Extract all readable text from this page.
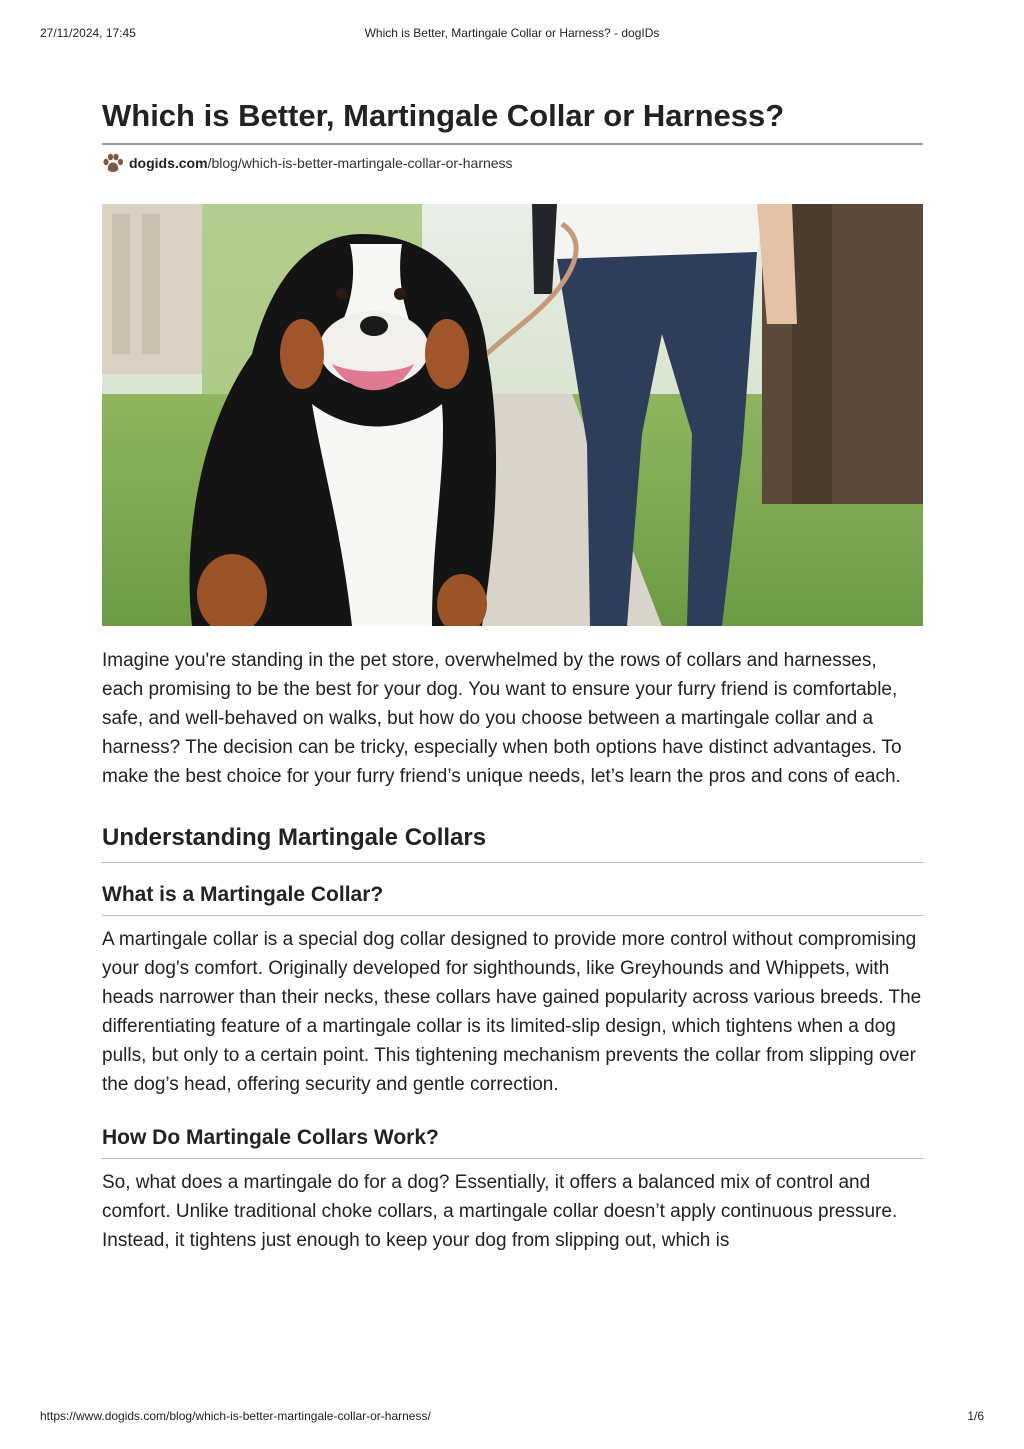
27/11/2024, 17:45	Which is Better, Martingale Collar or Harness? - dogIDs
Which is Better, Martingale Collar or Harness?
dogids.com /blog/which-is-better-martingale-collar-or-harness

Imagine you're standing in the pet store, overwhelmed by the rows of collars and harnesses, each promising to be the best for your dog. You want to ensure your furry friend is comfortable, safe, and well-behaved on walks, but how do you choose between a martingale collar and a harness? The decision can be tricky, especially when both options have distinct advantages. To make the best choice for your furry friend’s unique needs, let’s learn the pros and cons of each.

Understanding Martingale Collars
What is a Martingale Collar?

A martingale collar is a special dog collar designed to provide more control without compromising your dog's comfort. Originally developed for sighthounds, like Greyhounds and Whippets, with heads narrower than their necks, these collars have gained popularity across various breeds. The differentiating feature of a martingale collar is its limited-slip design, which tightens when a dog pulls, but only to a certain point. This tightening mechanism prevents the collar from slipping over the dog’s head, offering security and gentle correction.

How Do Martingale Collars Work?

So, what does a martingale do for a dog? Essentially, it offers a balanced mix of control and comfort. Unlike traditional choke collars, a martingale collar doesn’t apply continuous pressure. Instead, it tightens just enough to keep your dog from slipping out, which is

https://www.dogids.com/blog/which-is-better-martingale-collar-or-harness/	1/6
